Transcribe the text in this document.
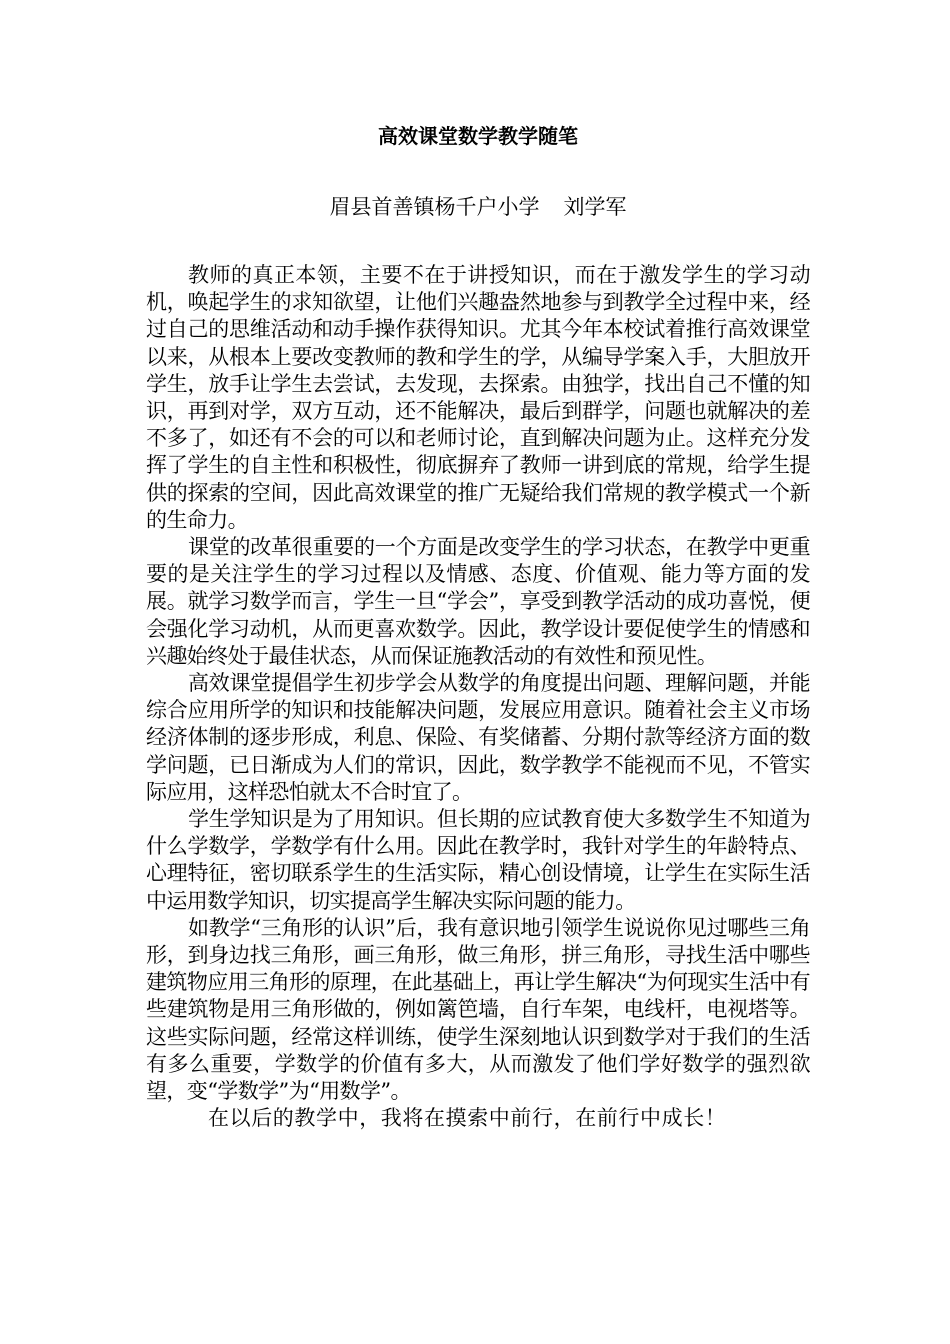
高效课堂数学教学随笔

眉县首善镇杨千户小学 刘学军

教师的真正本领，主要不在于讲授知识，而在于激发学生的学习动机，唤起学生的求知欲望，让他们兴趣盎然地参与到教学全过程中来，经过自己的思维活动和动手操作获得知识。尤其今年本校试着推行高效课堂以来，从根本上要改变教师的教和学生的学，从编导学案入手，大胆放开学生，放手让学生去尝试，去发现，去探索。由独学，找出自己不懂的知识，再到对学，双方互动，还不能解决，最后到群学，问题也就解决的差不多了，如还有不会的可以和老师讨论，直到解决问题为止。这样充分发挥了学生的自主性和积极性，彻底摒弃了教师一讲到底的常规，给学生提供的探索的空间，因此高效课堂的推广无疑给我们常规的教学模式一个新的生命力。

课堂的改革很重要的一个方面是改变学生的学习状态，在教学中更重要的是关注学生的学习过程以及情感、态度、价值观、能力等方面的发展。就学习数学而言，学生一旦“学会”，享受到教学活动的成功喜悦，便会强化学习动机，从而更喜欢数学。因此，教学设计要促使学生的情感和兴趣始终处于最佳状态，从而保证施教活动的有效性和预见性。

高效课堂提倡学生初步学会从数学的角度提出问题、理解问题，并能综合应用所学的知识和技能解决问题，发展应用意识。随着社会主义市场经济体制的逐步形成，利息、保险、有奖储蓄、分期付款等经济方面的数学问题，已日渐成为人们的常识，因此，数学教学不能视而不见，不管实际应用，这样恐怕就太不合时宜了。

学生学知识是为了用知识。但长期的应试教育使大多数学生不知道为什么学数学，学数学有什么用。因此在教学时，我针对学生的年龄特点、心理特征，密切联系学生的生活实际，精心创设情境，让学生在实际生活中运用数学知识，切实提高学生解决实际问题的能力。

如教学“三角形的认识”后，我有意识地引领学生说说你见过哪些三角形，到身边找三角形，画三角形，做三角形，拼三角形，寻找生活中哪些建筑物应用三角形的原理，在此基础上，再让学生解决“为何现实生活中有些建筑物是用三角形做的，例如篱笆墙，自行车架，电线杆，电视塔等。这些实际问题，经常这样训练，使学生深刻地认识到数学对于我们的生活有多么重要，学数学的价值有多大，从而激发了他们学好数学的强烈欲望，变“学数学”为“用数学”。

在以后的教学中，我将在摸索中前行，在前行中成长！
